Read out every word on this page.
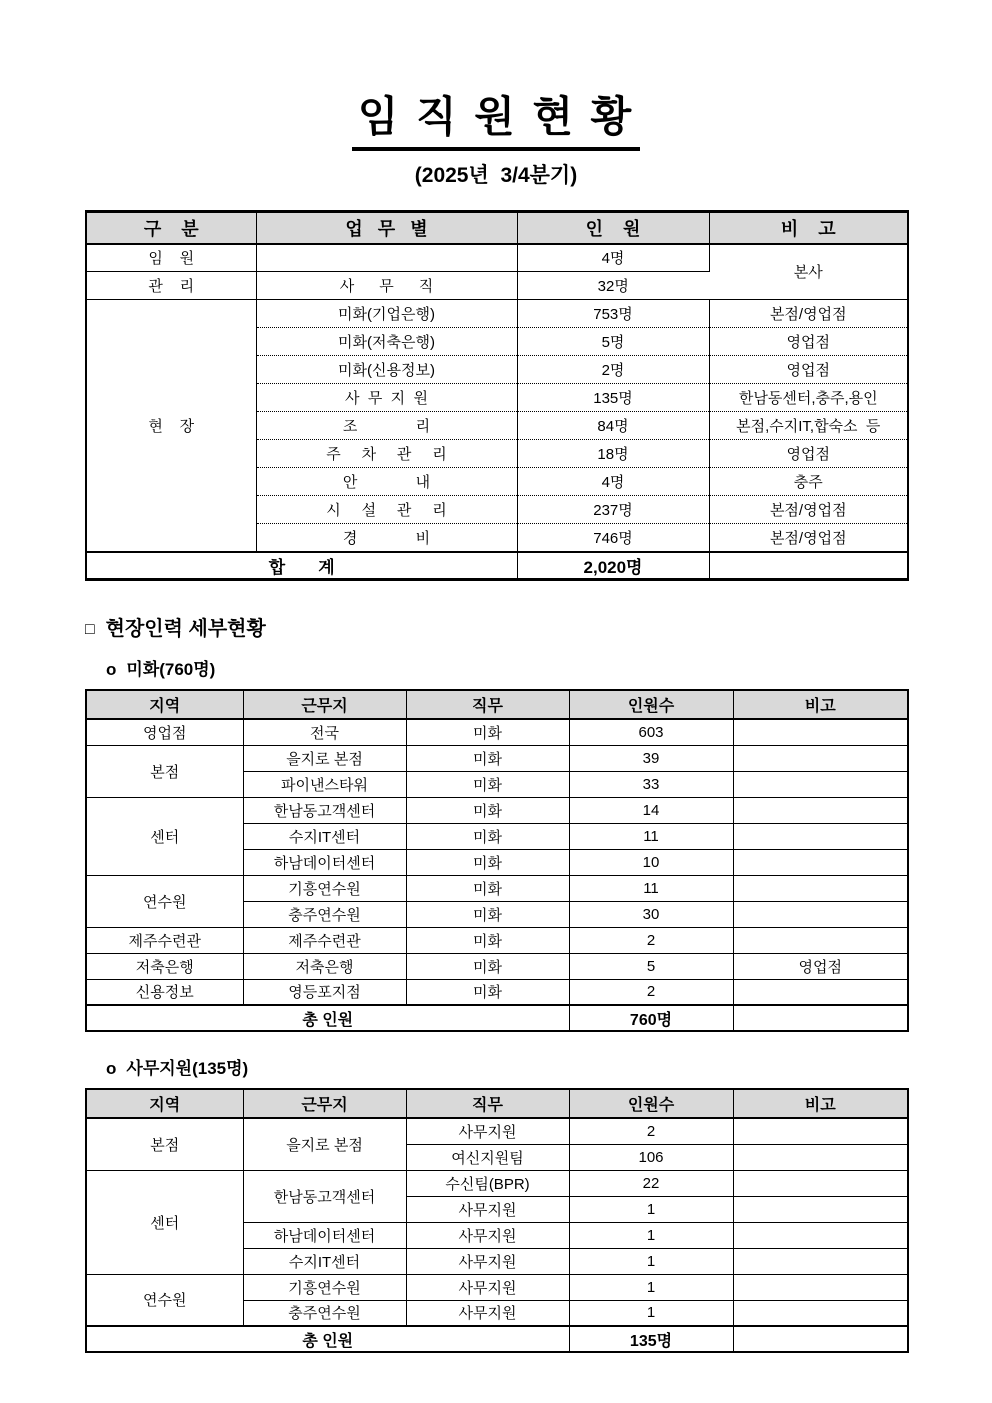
임 직 원 현 황
(2025년  3/4분기)
구    분	업   무   별	인    원	비    고
임    원		4명	본사
관    리	사      무      직	32명	
현    장	미화(기업은행)	753명	본점/영업점
	미화(저축은행)	5명	영업점
	미화(신용정보)	2명	영업점
	사  무  지  원	135명	한남동센터,충주,용인
	조              리	84명	본점,수지IT,합숙소  등
	주     차     관     리	18명	영업점
	안              내	4명	충주
	시     설     관     리	237명	본점/영업점
	경              비	746명	본점/영업점
합       계		2,020명	
□ 현장인력 세부현황
o 미화(760명)
지역	근무지	직무	인원수	비고
영업점	전국	미화	603	
본점	을지로 본점	미화	39	
	파이낸스타워	미화	33	
센터	한남동고객센터	미화	14	
	수지IT센터	미화	11	
	하남데이터센터	미화	10	
연수원	기흥연수원	미화	11	
	충주연수원	미화	30	
제주수련관	제주수련관	미화	2	
저축은행	저축은행	미화	5	영업점
신용정보	영등포지점	미화	2	
총 인원			760명	
o 사무지원(135명)
지역	근무지	직무	인원수	비고
본점	을지로 본점	사무지원	2	
		여신지원팀	106	
센터	한남동고객센터	수신팀(BPR)	22	
		사무지원	1	
	하남데이터센터	사무지원	1	
	수지IT센터	사무지원	1	
연수원	기흥연수원	사무지원	1	
	충주연수원	사무지원	1	
총 인원			135명	
